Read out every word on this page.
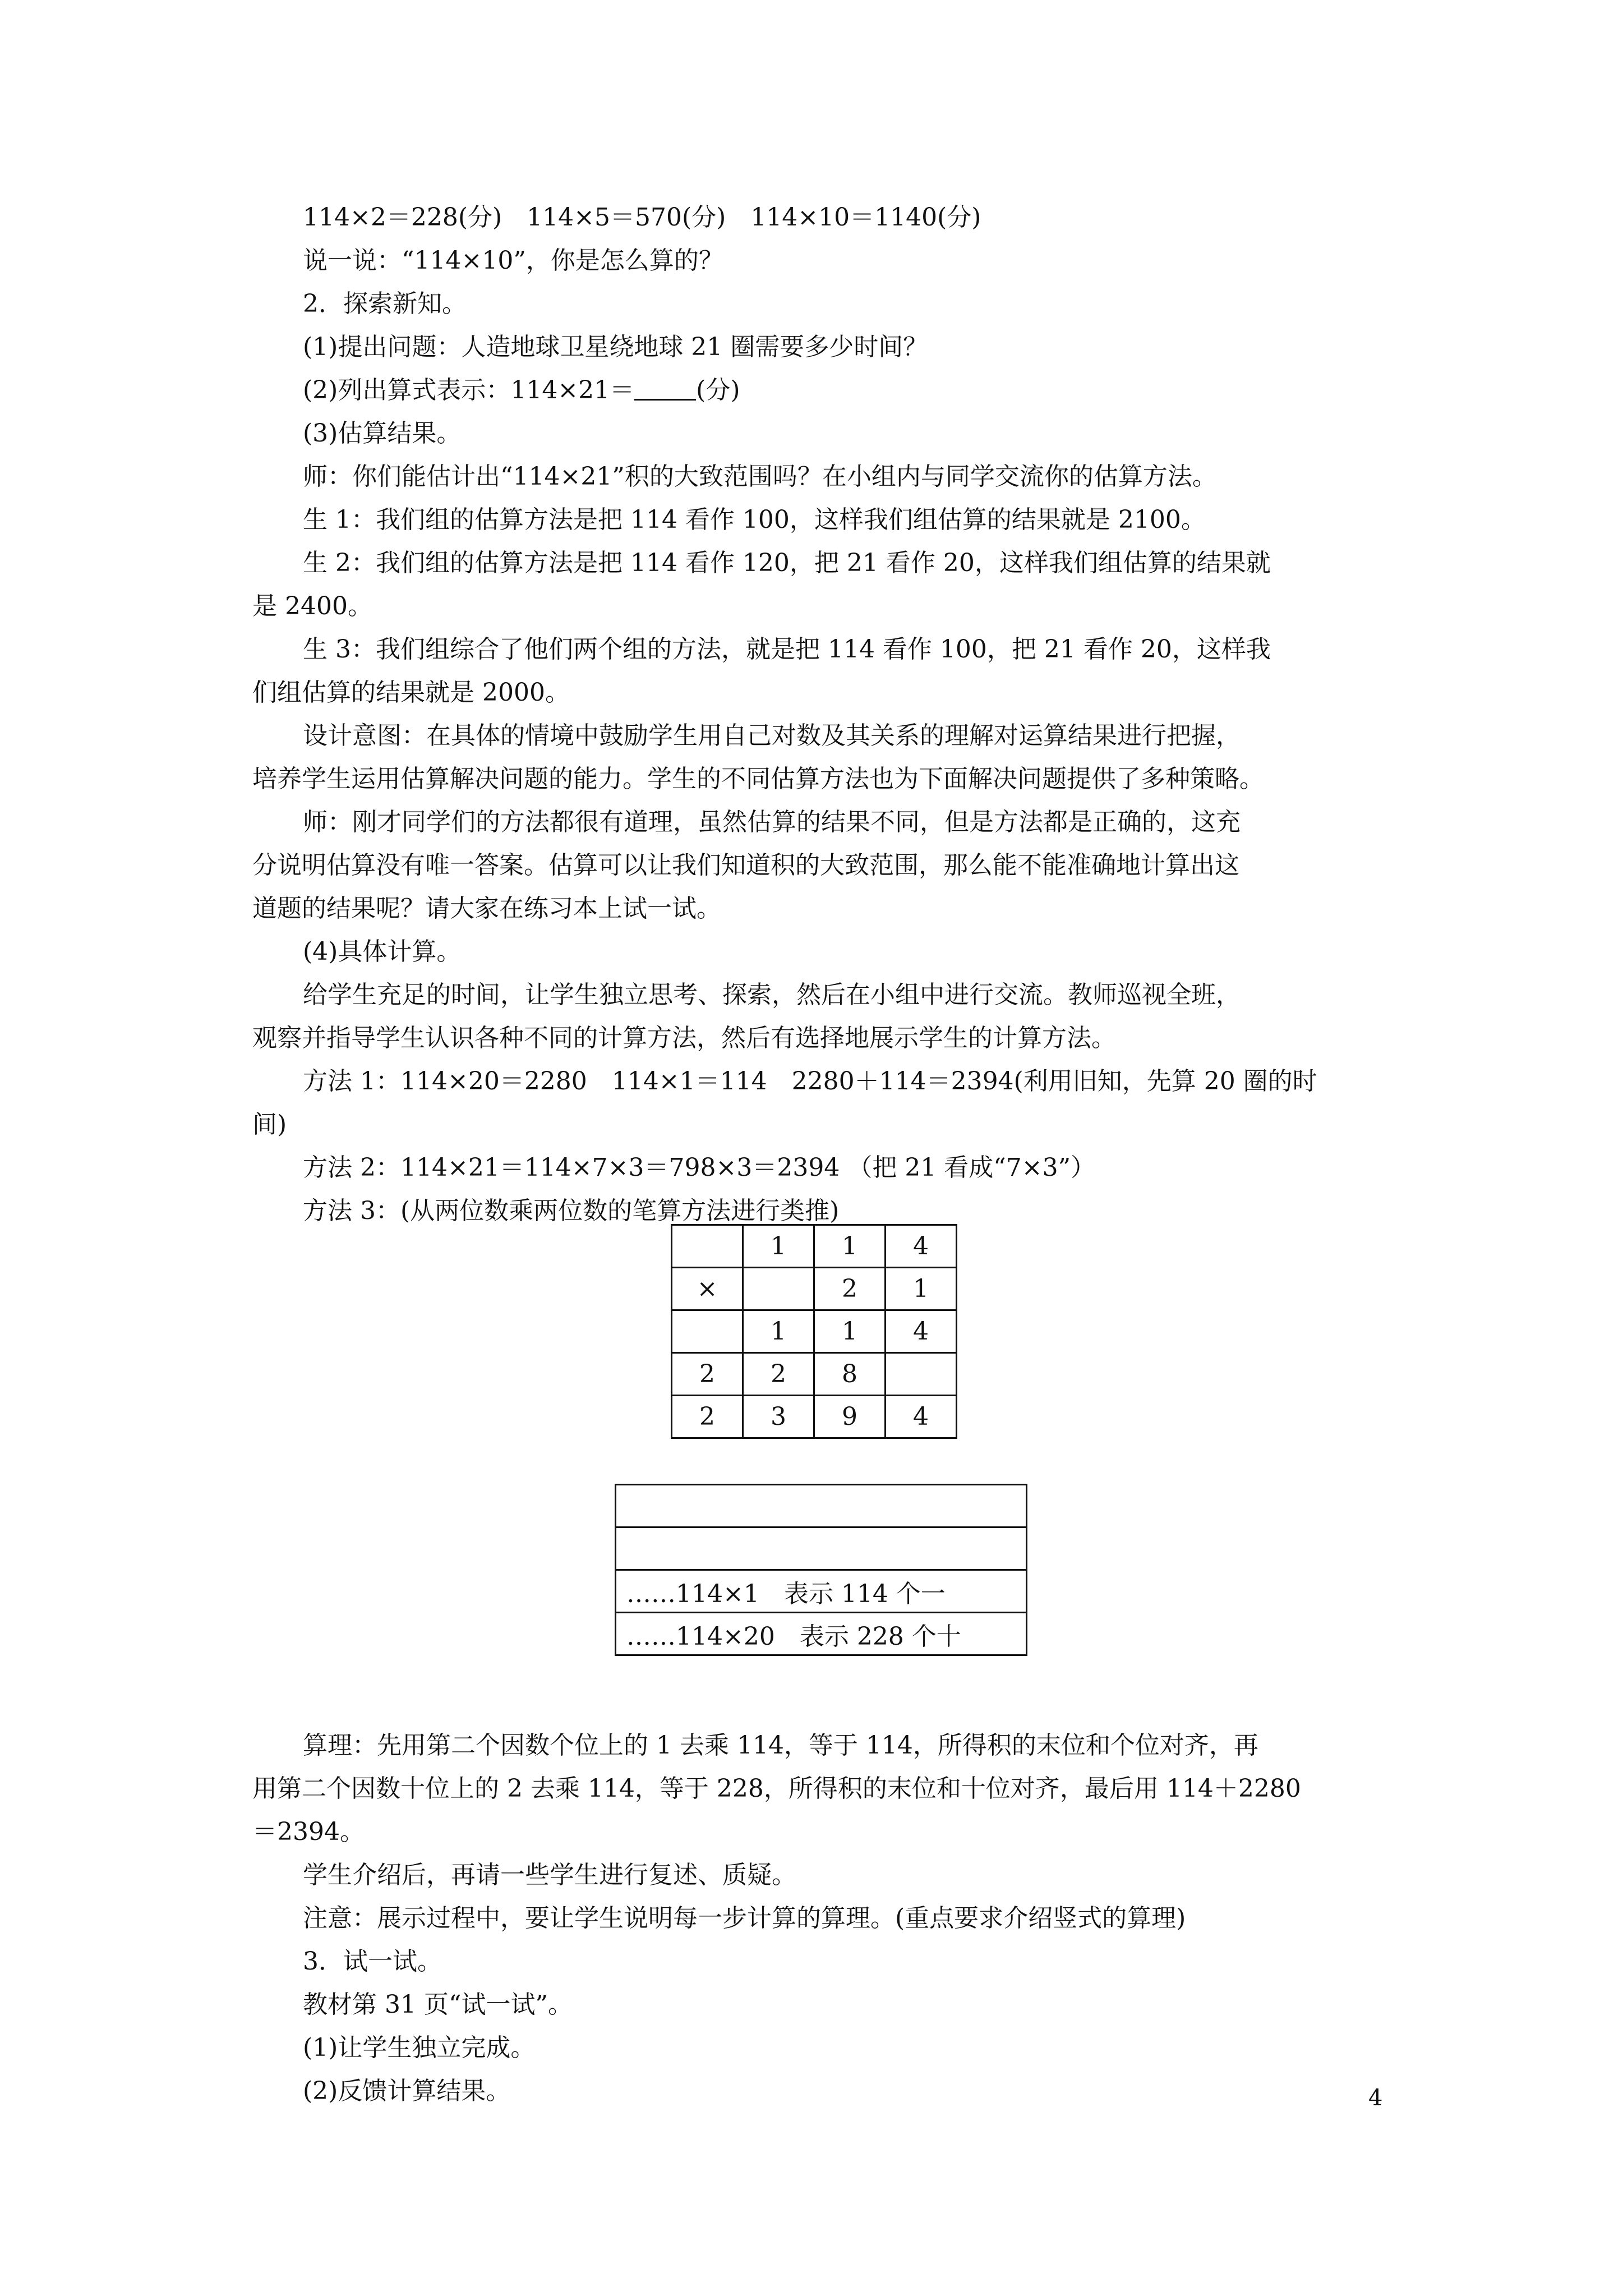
114×2＝228(分)　114×5＝570(分)　114×10＝1140(分)
说一说：“114×10”，你是怎么算的？
2．探索新知。
(1)提出问题：人造地球卫星绕地球 21 圈需要多少时间？
(2)列出算式表示：114×21＝	(分)
(3)估算结果。
师：你们能估计出“114×21”积的大致范围吗？在小组内与同学交流你的估算方法。
生 1：我们组的估算方法是把 114 看作 100，这样我们组估算的结果就是 2100。
生 2：我们组的估算方法是把 114 看作 120，把 21 看作 20，这样我们组估算的结果就
是 2400。
生 3：我们组综合了他们两个组的方法，就是把 114 看作 100，把 21 看作 20，这样我
们组估算的结果就是 2000。
设计意图：在具体的情境中鼓励学生用自己对数及其关系的理解对运算结果进行把握，
培养学生运用估算解决问题的能力。学生的不同估算方法也为下面解决问题提供了多种策略。
师：刚才同学们的方法都很有道理，虽然估算的结果不同，但是方法都是正确的，这充
分说明估算没有唯一答案。估算可以让我们知道积的大致范围，那么能不能准确地计算出这
道题的结果呢？请大家在练习本上试一试。
(4)具体计算。
给学生充足的时间，让学生独立思考、探索，然后在小组中进行交流。教师巡视全班，
观察并指导学生认识各种不同的计算方法，然后有选择地展示学生的计算方法。
方法 1：114×20＝2280　114×1＝114　2280＋114＝2394(利用旧知，先算 20 圈的时
间)
方法 2：114×21＝114×7×3＝798×3＝2394 （把 21 看成“7×3”）
方法 3：(从两位数乘两位数的笔算方法进行类推)
	1	1	4
×		2	1
	1	1	4
2	2	8	
2	3	9	4

……114×1　表示 114 个一
……114×20　表示 228 个十
算理：先用第二个因数个位上的 1 去乘 114，等于 114，所得积的末位和个位对齐，再
用第二个因数十位上的 2 去乘 114，等于 228，所得积的末位和十位对齐，最后用 114＋2280
＝2394。
学生介绍后，再请一些学生进行复述、质疑。
注意：展示过程中，要让学生说明每一步计算的算理。(重点要求介绍竖式的算理)
3．试一试。
教材第 31 页“试一试”。
(1)让学生独立完成。
(2)反馈计算结果。	4
